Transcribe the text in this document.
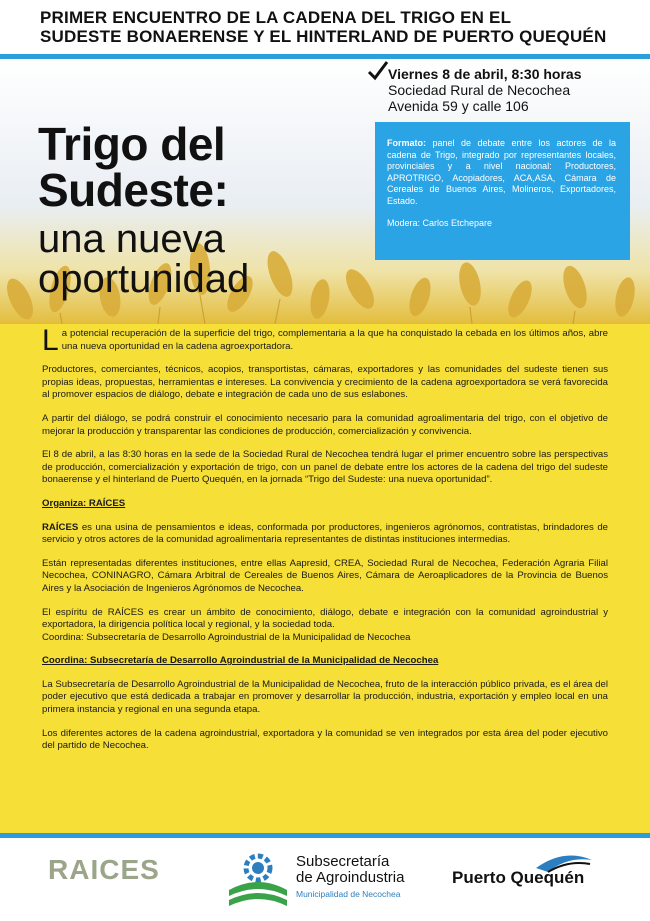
PRIMER ENCUENTRO DE LA CADENA DEL TRIGO EN EL
SUDESTE BONAERENSE Y EL HINTERLAND DE PUERTO QUEQUÉN
Trigo del
Sudeste:
una nueva
oportunidad
Viernes 8 de abril, 8:30 horas
Sociedad Rural de Necochea
Avenida 59 y calle 106
Formato: panel de debate entre los actores de la cadena de Trigo, integrado por representantes locales, provinciales y a nivel nacional: Productores, APROTRIGO, Acopiadores, ACA,ASA, Cámara de Cereales de Buenos Aires, Molineros, Exportadores, Estado.
Modera: Carlos Etchepare

La potencial recuperación de la superficie del trigo, complementaria a la que ha conquistado la cebada en los últimos años, abre una nueva oportunidad en la cadena agroexportadora.

Productores, comerciantes, técnicos, acopios, transportistas, cámaras, exportadores y las comunidades del sudeste tienen sus propias ideas, propuestas, herramientas e intereses. La convivencia y crecimiento de la cadena agroexportadora se verá favorecida al promover espacios de diálogo, debate e integración de cada uno de sus eslabones.

A partir del diálogo, se podrá construir el conocimiento necesario para la comunidad agroalimentaria del trigo, con el objetivo de mejorar la producción y transparentar las condiciones de producción, comercialización y convivencia.

El 8 de abril, a las 8:30 horas en la sede de la Sociedad Rural de Necochea tendrá lugar el primer encuentro sobre las perspectivas de producción, comercialización y exportación de trigo, con un panel de debate entre los actores de la cadena del trigo del sudeste bonaerense y el hinterland de Puerto Quequén, en la jornada “Trigo del Sudeste: una nueva oportunidad”.

Organiza: RAÍCES

RAÍCES es una usina de pensamientos e ideas, conformada por productores, ingenieros agrónomos, contratistas, brindadores de servicio y otros actores de la comunidad agroalimentaria representantes de distintas instituciones intermedias.

Están representadas diferentes instituciones, entre ellas Aapresid, CREA, Sociedad Rural de Necochea, Federación Agraria Filial Necochea, CONINAGRO, Cámara Arbitral de Cereales de Buenos Aires, Cámara de Aeroaplicadores de la Provincia de Buenos Aires y la Asociación de Ingenieros Agrónomos de Necochea.

El espíritu de RAÍCES es crear un ámbito de conocimiento, diálogo, debate e integración con la comunidad agroindustrial y exportadora, la dirigencia política local y regional, y la sociedad toda.
Coordina: Subsecretaría de Desarrollo Agroindustrial de la Municipalidad de Necochea

Coordina: Subsecretaría de Desarrollo Agroindustrial de la Municipalidad de Necochea

La Subsecretaría de Desarrollo Agroindustrial de la Municipalidad de Necochea, fruto de la interacción público privada, es el área del poder ejecutivo que está dedicada a trabajar en promover y desarrollar la producción, industria, exportación y empleo local en una primera instancia y regional en una segunda etapa.

Los diferentes actores de la cadena agroindustrial, exportadora y la comunidad se ven integrados por esta área del poder ejecutivo del partido de Necochea.

RAICES	Subsecretaría
de Agroindustria
Municipalidad de Necochea
Puerto Quequén
